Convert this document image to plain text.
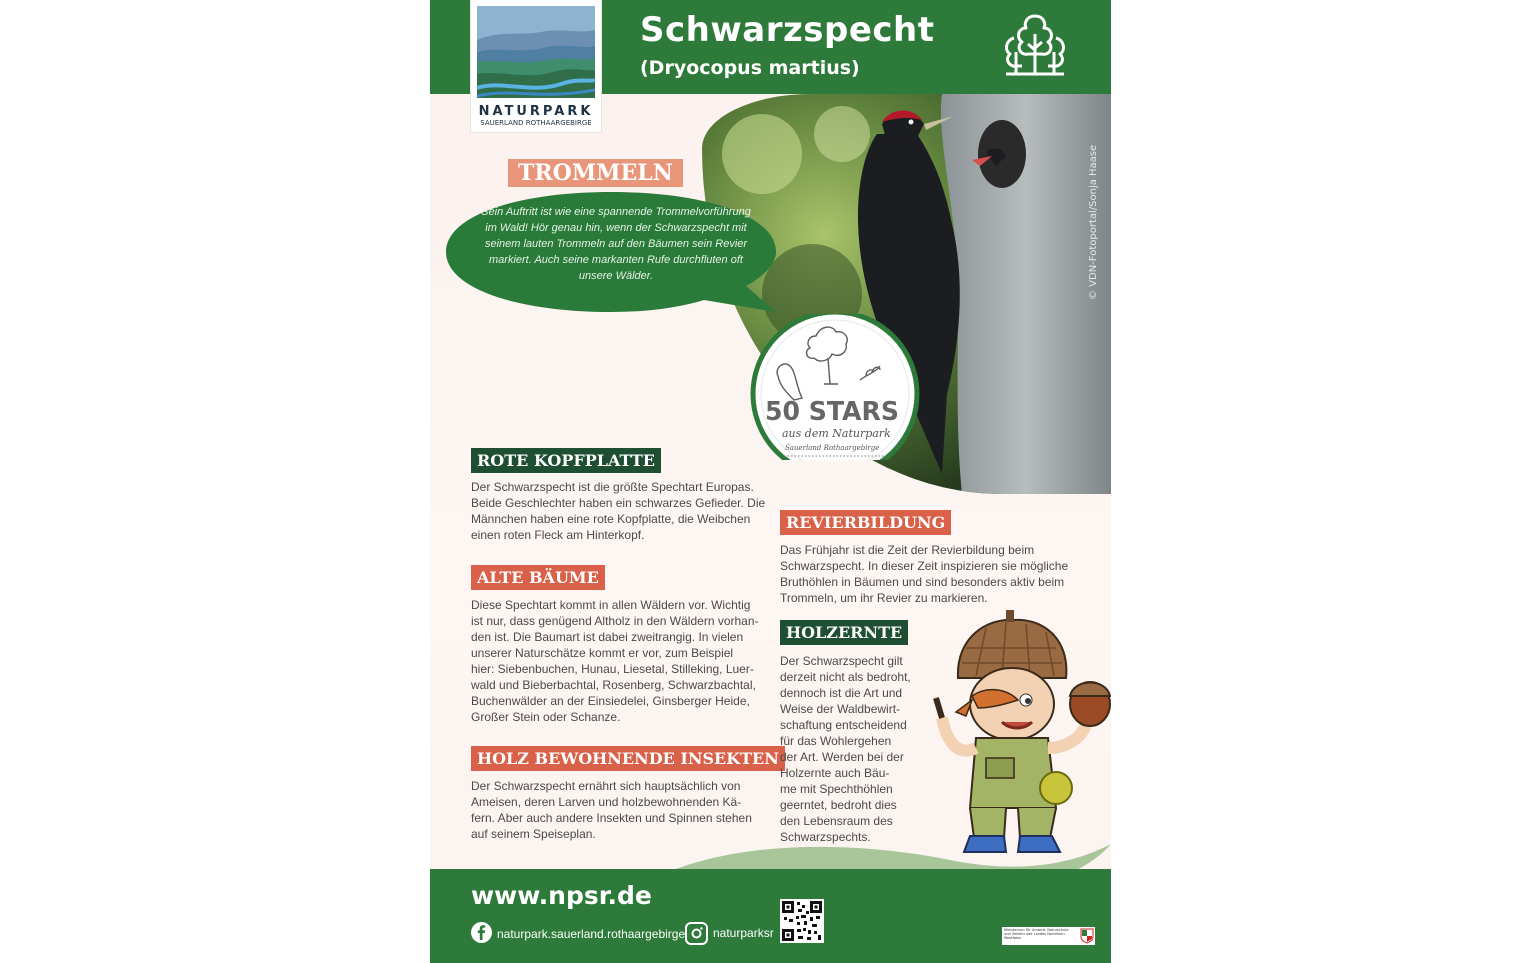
Schwarzspecht
(Dryocopus martius)
NATURPARK
SAUERLAND ROTHAARGEBIRGE
© VDN-Fotoportal/Sonja Haase
TROMMELN
Sein Auftritt ist wie eine spannende Trommelvorführung im Wald! Hör genau hin, wenn der Schwarzspecht mit seinem lauten Trommeln auf den Bäumen sein Revier markiert. Auch seine markanten Rufe durchfluten oft unsere Wälder.
50 STARS
aus dem Naturpark
Sauerland Rothaargebirge
ROTE KOPFPLATTE
Der Schwarzspecht ist die größte Spechtart Europas.
Beide Geschlechter haben ein schwarzes Gefieder. Die
Männchen haben eine rote Kopfplatte, die Weibchen
einen roten Fleck am Hinterkopf.
ALTE BÄUME
Diese Spechtart kommt in allen Wäldern vor. Wichtig
ist nur, dass genügend Altholz in den Wäldern vorhan-
den ist. Die Baumart ist dabei zweitrangig. In vielen
unserer Naturschätze kommt er vor, zum Beispiel
hier: Siebenbuchen, Hunau, Liesetal, Stilleking, Luer-
wald und Bieberbachtal, Rosenberg, Schwarzbachtal,
Buchenwälder an der Einsiedelei, Ginsberger Heide,
Großer Stein oder Schanze.
HOLZ BEWOHNENDE INSEKTEN
Der Schwarzspecht ernährt sich hauptsächlich von
Ameisen, deren Larven und holzbewohnenden Kä-
fern. Aber auch andere Insekten und Spinnen stehen
auf seinem Speiseplan.
REVIERBILDUNG
Das Frühjahr ist die Zeit der Revierbildung beim
Schwarzspecht. In dieser Zeit inspizieren sie mögliche
Bruthöhlen in Bäumen und sind besonders aktiv beim
Trommeln, um ihr Revier zu markieren.
HOLZERNTE
Der Schwarzspecht gilt
derzeit nicht als bedroht,
dennoch ist die Art und
Weise der Waldbewirt-
schaftung entscheidend
für das Wohlergehen
der Art. Werden bei der
Holzernte auch Bäu-
me mit Spechthöhlen
geerntet, bedroht dies
den Lebensraum des
Schwarzspechts.
www.npsr.de
naturpark.sauerland.rothaargebirge naturparksr	Ministerium für Umwelt, Naturschutz und Verkehr des Landes Nordrhein-Westfalen
